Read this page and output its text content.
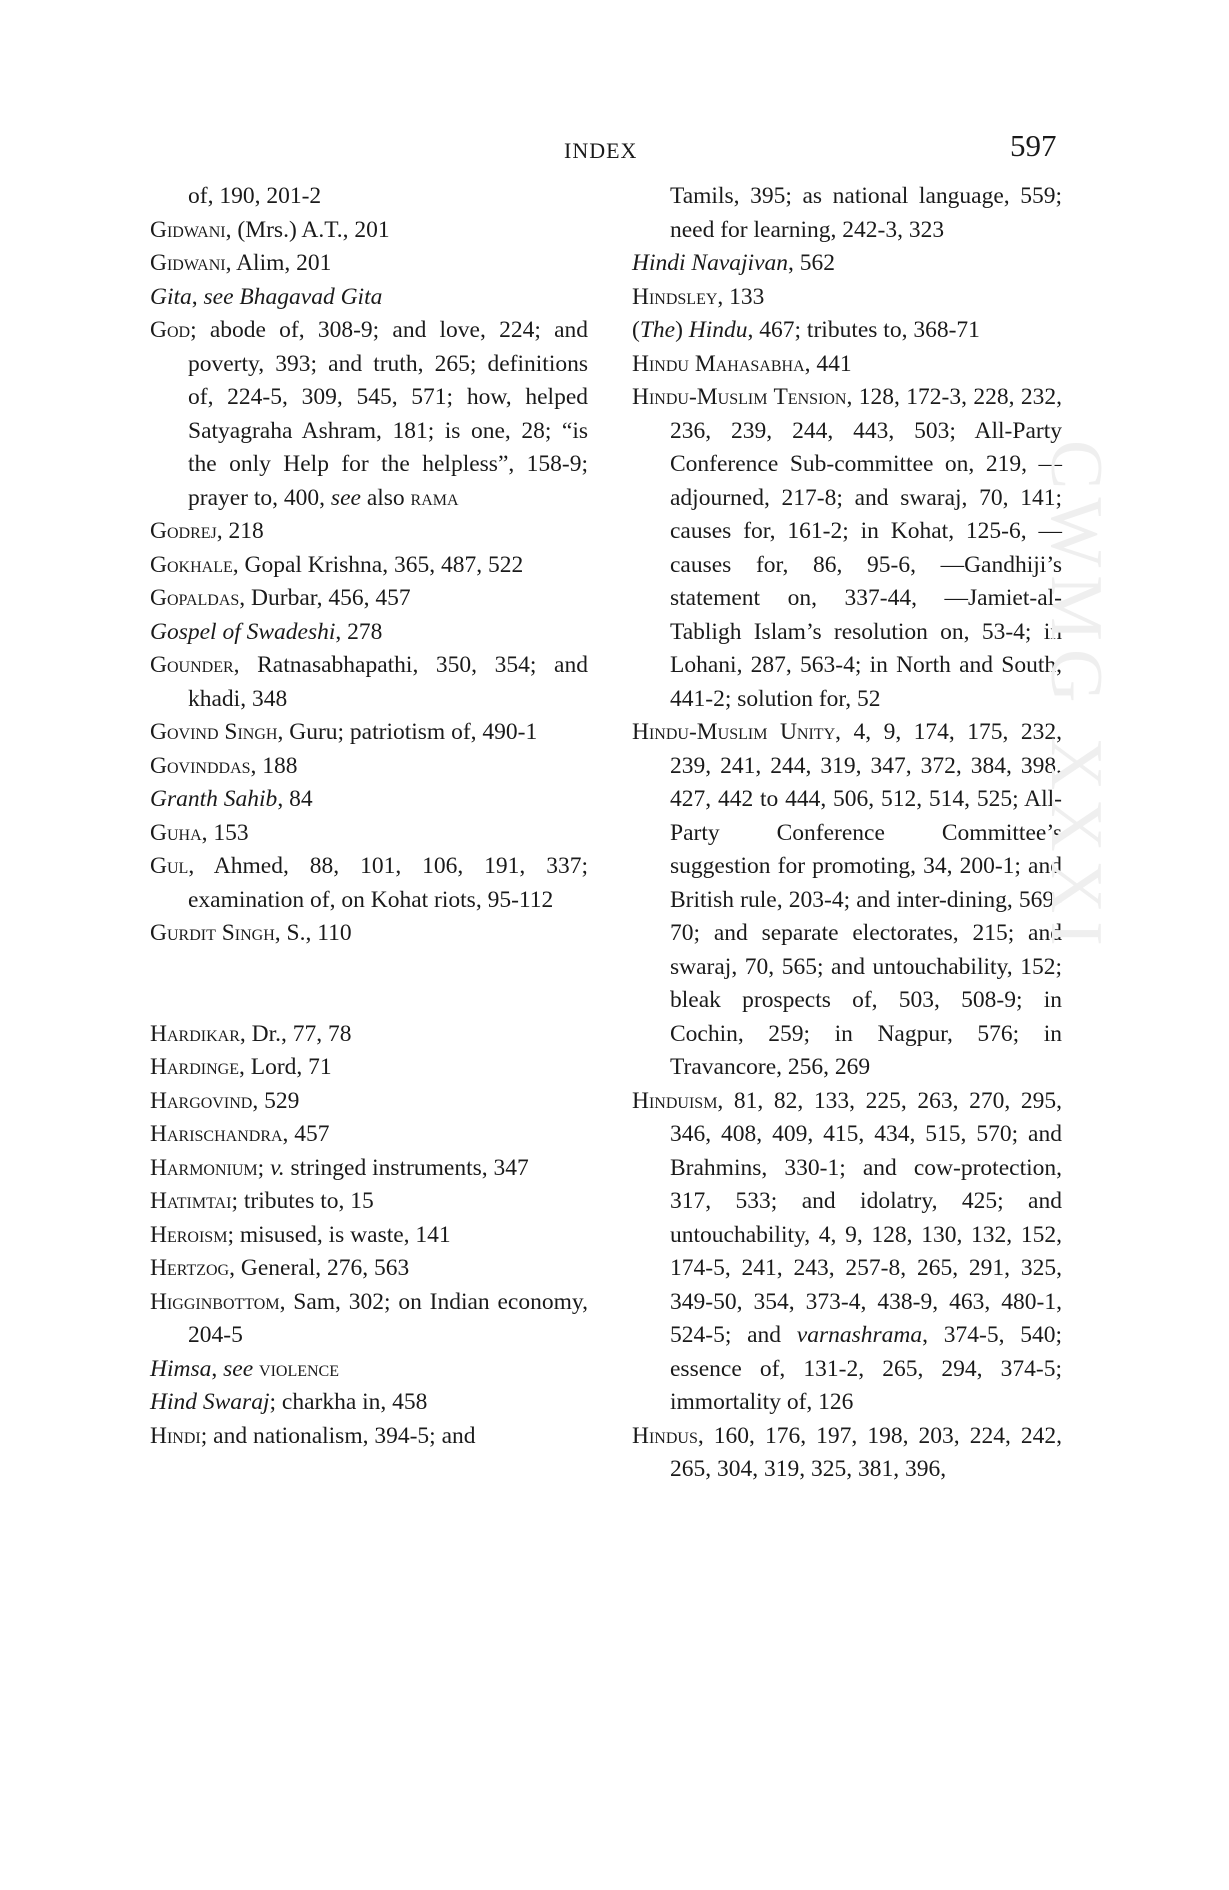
INDEX	597
of, 190, 201-2
Gidwani, (Mrs.) A.T., 201
Gidwani, Alim, 201
Gita, see Bhagavad Gita
God; abode of, 308-9; and love, 224; and poverty, 393; and truth, 265; definitions of, 224-5, 309, 545, 571; how, helped Satyagraha Ashram, 181; is one, 28; “is the only Help for the helpless”, 158-9; prayer to, 400, see also rama
Godrej, 218
Gokhale, Gopal Krishna, 365, 487, 522
Gopaldas, Durbar, 456, 457
Gospel of Swadeshi, 278
Gounder, Ratnasabhapathi, 350, 354; and khadi, 348
Govind Singh, Guru; patriotism of, 490-1
Govinddas, 188
Granth Sahib, 84
Guha, 153
Gul, Ahmed, 88, 101, 106, 191, 337; examination of, on Kohat riots, 95-112
Gurdit Singh, S., 110
Hardikar, Dr., 77, 78
Hardinge, Lord, 71
Hargovind, 529
Harischandra, 457
Harmonium; v. stringed instruments, 347
Hatimtai; tributes to, 15
Heroism; misused, is waste, 141
Hertzog, General, 276, 563
Higginbottom, Sam, 302; on Indian economy, 204-5
Himsa, see violence
Hind Swaraj; charkha in, 458
Hindi; and nationalism, 394-5; and
Tamils, 395; as national language, 559; need for learning, 242-3, 323
Hindi Navajivan, 562
Hindsley, 133
(The) Hindu, 467; tributes to, 368-71
Hindu Mahasabha, 441
Hindu-Muslim Tension, 128, 172-3, 228, 232, 236, 239, 244, 443, 503; All-Party Conference Sub-committee on, 219, —adjourned, 217-8; and swaraj, 70, 141; causes for, 161-2; in Kohat, 125-6, —causes for, 86, 95-6, —Gandhiji’s statement on, 337-44, —Jamiet-al-Tabligh Islam’s resolution on, 53-4; in Lohani, 287, 563-4; in North and South, 441-2; solution for, 52
Hindu-Muslim Unity, 4, 9, 174, 175, 232, 239, 241, 244, 319, 347, 372, 384, 398, 427, 442 to 444, 506, 512, 514, 525; All-Party Conference Committee’s suggestion for promoting, 34, 200-1; and British rule, 203-4; and inter-dining, 569-70; and separate electorates, 215; and swaraj, 70, 565; and untouchability, 152; bleak prospects of, 503, 508-9; in Cochin, 259; in Nagpur, 576; in Travancore, 256, 269
Hinduism, 81, 82, 133, 225, 263, 270, 295, 346, 408, 409, 415, 434, 515, 570; and Brahmins, 330-1; and cow-protection, 317, 533; and idolatry, 425; and untouchability, 4, 9, 128, 130, 132, 152, 174-5, 241, 243, 257-8, 265, 291, 325, 349-50, 354, 373-4, 438-9, 463, 480-1, 524-5; and varnashrama, 374-5, 540; essence of, 131-2, 265, 294, 374-5; immortality of, 126
Hindus, 160, 176, 197, 198, 203, 224, 242, 265, 304, 319, 325, 381, 396,
CWMG XXXI
